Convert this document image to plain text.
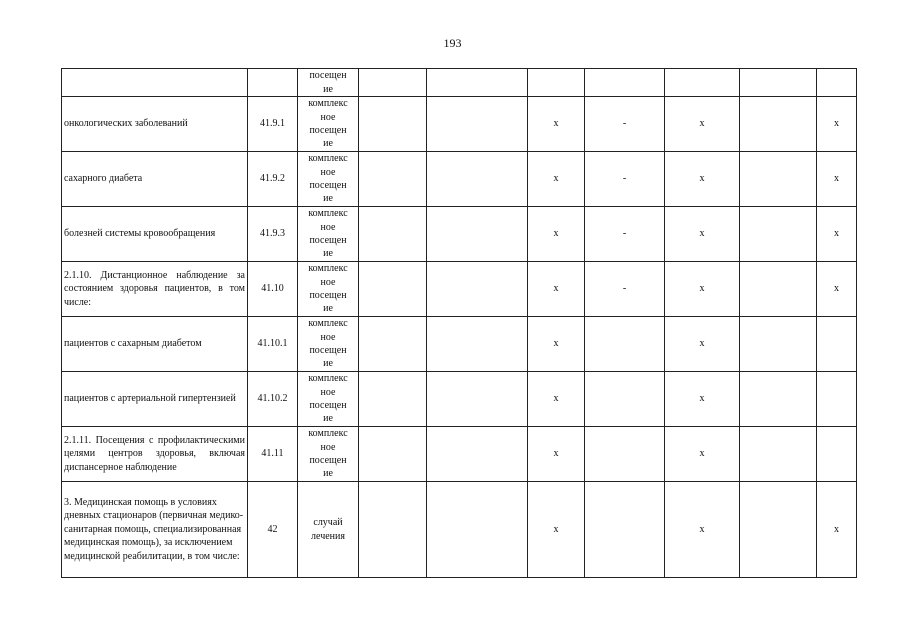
193

		посещен
ие							

онкологических заболеваний	41.9.1	комплекс
ное
посещен
ие			x	-	x		x
сахарного диабета	41.9.2	комплекс
ное
посещен
ие			x	-	x		x
болезней системы кровообращения	41.9.3	комплекс
ное
посещен
ие			x	-	x		x
2.1.10. Дистанционное наблюдение за состоянием здоровья пациентов, в том числе:	41.10	комплекс
ное
посещен
ие			x	-	x		x
пациентов с сахарным диабетом	41.10.1	комплекс
ное
посещен
ие			x		x		
пациентов с артериальной гипертензией	41.10.2	комплекс
ное
посещен
ие			x		x		
2.1.11. Посещения с профилактическими целями центров здоровья, включая диспансерное наблюдение	41.11	комплекс
ное
посещен
ие			x		x		
3. Медицинская помощь в условиях дневных стационаров (первичная медико-санитарная помощь, специализированная медицинская помощь), за исключением медицинской реабилитации, в том числе:	42	случай
лечения			x		x		x
